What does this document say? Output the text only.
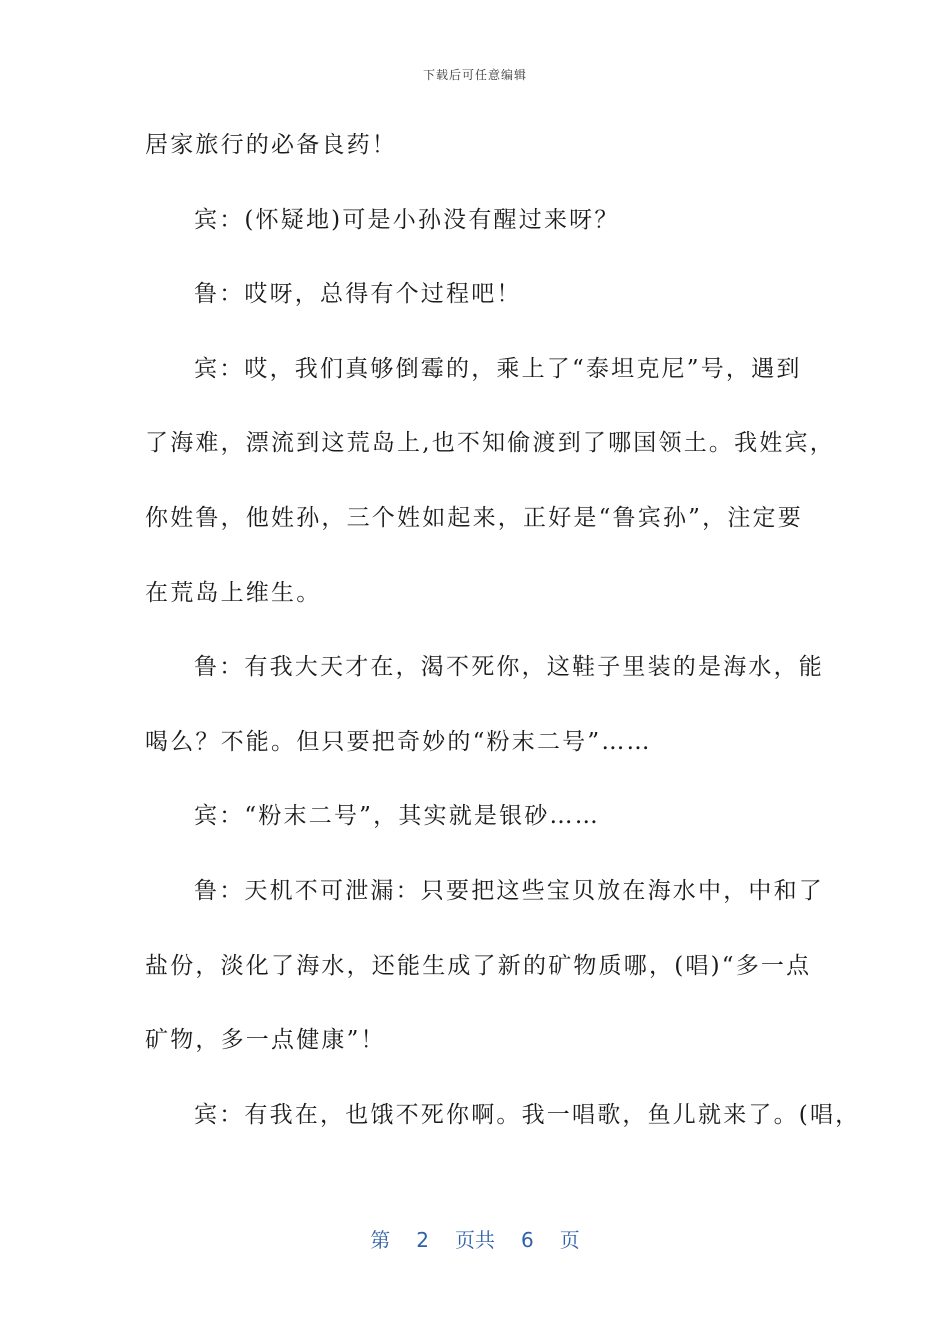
下载后可任意编辑
居家旅行的必备良药！
宾：(怀疑地)可是小孙没有醒过来呀？
鲁：哎呀，总得有个过程吧！
宾：哎，我们真够倒霉的，乘上了“泰坦克尼”号，遇到
了海难，漂流到这荒岛上,也不知偷渡到了哪国领土。我姓宾，
你姓鲁，他姓孙，三个姓如起来，正好是“鲁宾孙”，注定要
在荒岛上维生。
鲁：有我大天才在，渴不死你，这鞋子里装的是海水，能
喝么？不能。但只要把奇妙的“粉末二号”……
宾：“粉末二号”，其实就是银砂……
鲁：天机不可泄漏：只要把这些宝贝放在海水中，中和了
盐份，淡化了海水，还能生成了新的矿物质哪，(唱)“多一点
矿物，多一点健康”！
宾：有我在，也饿不死你啊。我一唱歌，鱼儿就来了。(唱，
第 2 页共 6 页
